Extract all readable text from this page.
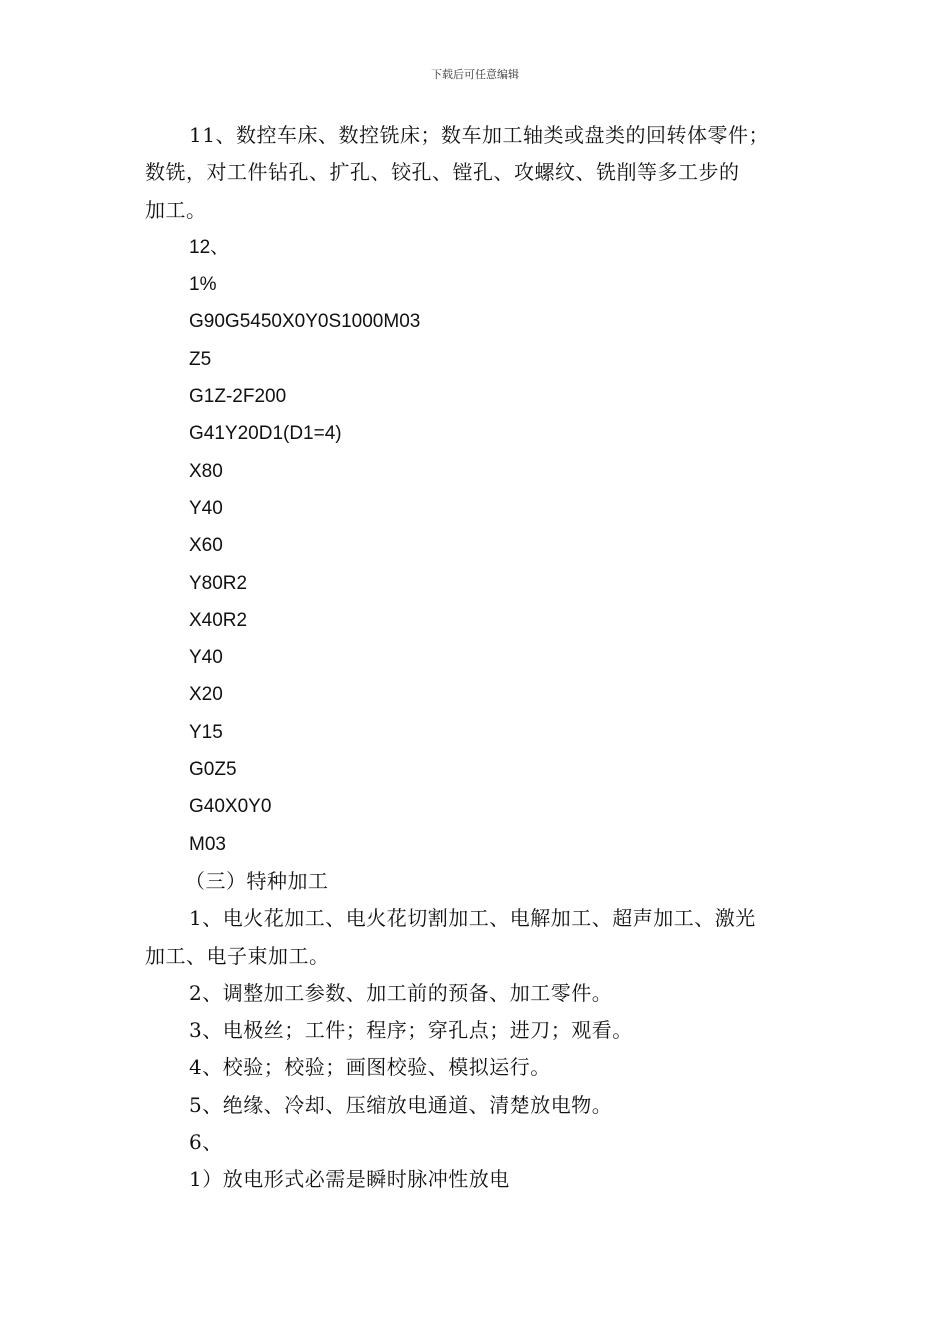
下载后可任意编辑
11、数控车床、数控铣床；数车加工轴类或盘类的回转体零件；
数铣，对工件钻孔、扩孔、铰孔、镗孔、攻螺纹、铣削等多工步的
加工。
12、
1%
G90G5450X0Y0S1000M03
Z5
G1Z-2F200
G41Y20D1(D1=4)
X80
Y40
X60
Y80R2
X40R2
Y40
X20
Y15
G0Z5
G40X0Y0
M03
（三）特种加工
1、电火花加工、电火花切割加工、电解加工、超声加工、激光
加工、电子束加工。
2、调整加工参数、加工前的预备、加工零件。
3、电极丝；工件；程序；穿孔点；进刀；观看。
4、校验；校验；画图校验、模拟运行。
5、绝缘、冷却、压缩放电通道、清楚放电物。
6、
1）放电形式必需是瞬时脉冲性放电
